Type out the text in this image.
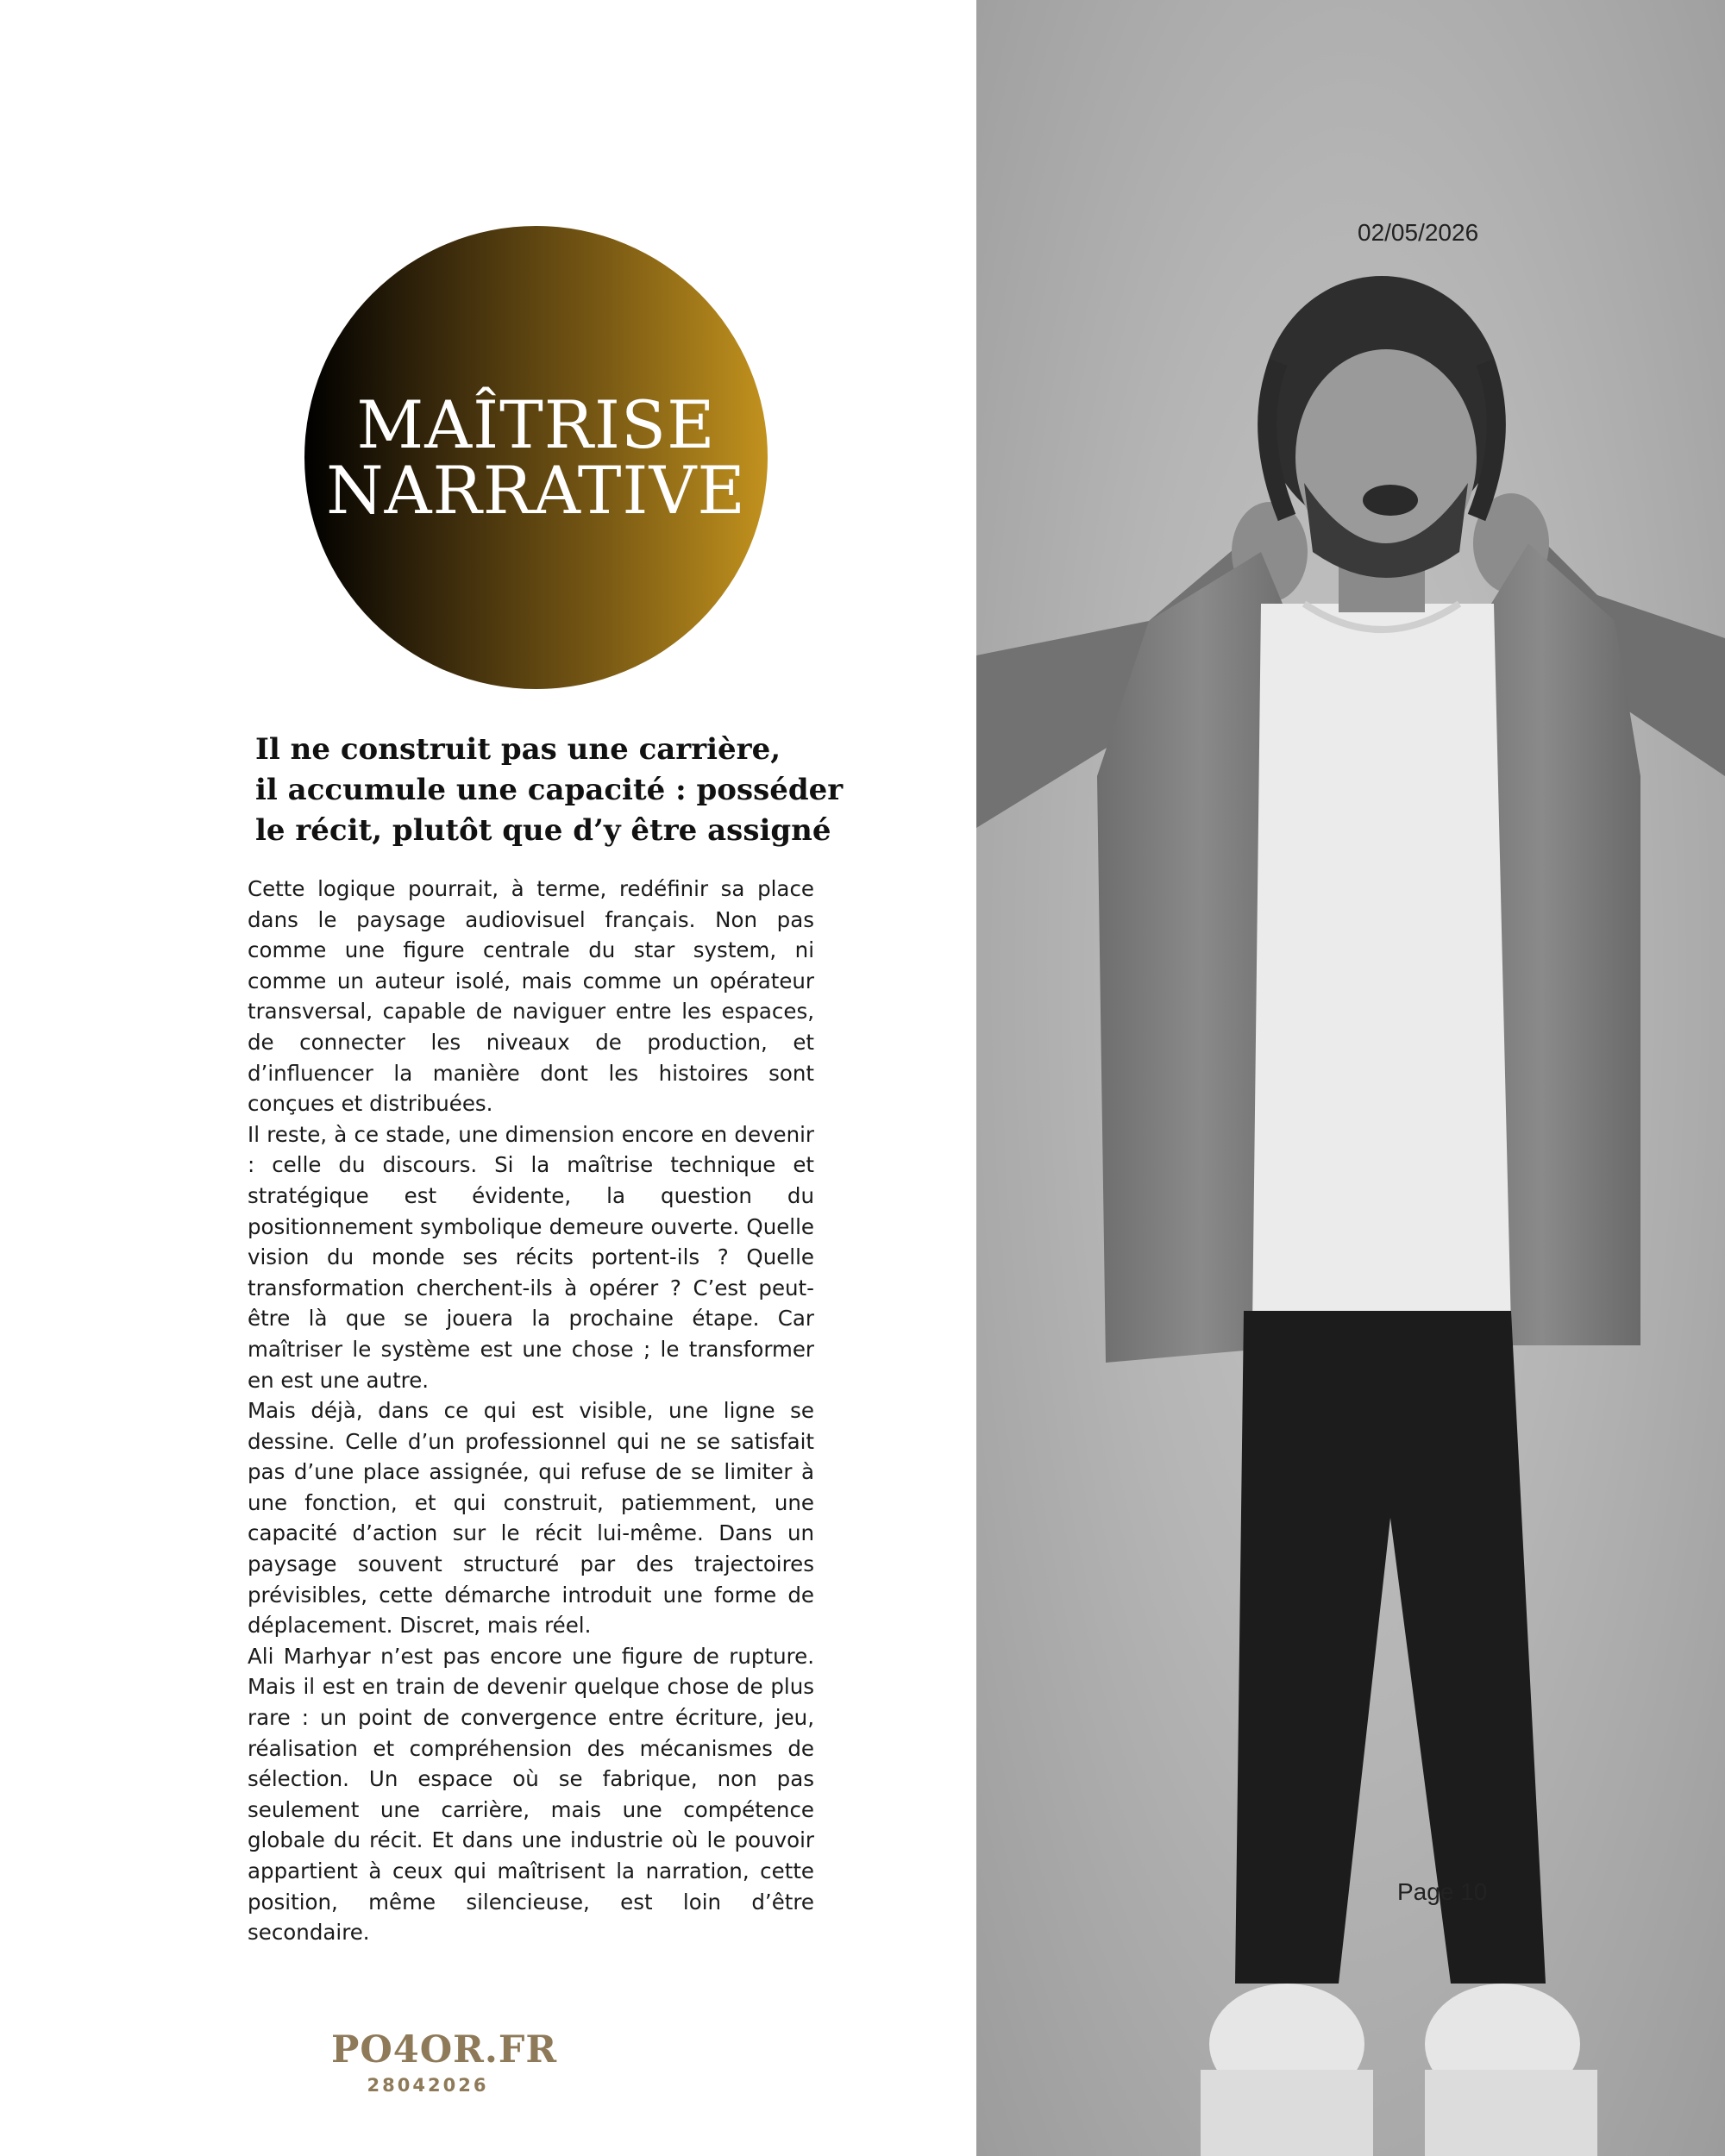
MAÎTRISE
NARRATIVE
Il ne construit pas une carrière,
il accumule une capacité : posséder
le récit, plutôt que d’y être assigné

Cette logique pourrait, à terme, redéfinir sa place dans le paysage audiovisuel français. Non pas comme une figure centrale du star system, ni comme un auteur isolé, mais comme un opérateur transversal, capable de naviguer entre les espaces, de connecter les niveaux de production, et d’influencer la manière dont les histoires sont conçues et distribuées.

Il reste, à ce stade, une dimension encore en devenir : celle du discours. Si la maîtrise technique et stratégique est évidente, la question du positionnement symbolique demeure ouverte. Quelle vision du monde ses récits portent-ils ? Quelle transformation cherchent-ils à opérer ? C’est peut-être là que se jouera la prochaine étape. Car maîtriser le système est une chose ; le transformer en est une autre.

Mais déjà, dans ce qui est visible, une ligne se dessine. Celle d’un professionnel qui ne se satisfait pas d’une place assignée, qui refuse de se limiter à une fonction, et qui construit, patiemment, une capacité d’action sur le récit lui-même. Dans un paysage souvent structuré par des trajectoires prévisibles, cette démarche introduit une forme de déplacement. Discret, mais réel.

Ali Marhyar n’est pas encore une figure de rupture. Mais il est en train de devenir quelque chose de plus rare : un point de convergence entre écriture, jeu, réalisation et compréhension des mécanismes de sélection. Un espace où se fabrique, non pas seulement une carrière, mais une compétence globale du récit. Et dans une industrie où le pouvoir appartient à ceux qui maîtrisent la narration, cette position, même silencieuse, est loin d’être secondaire.

PO4OR.FR
28042026
02/05/2026
Page 10
